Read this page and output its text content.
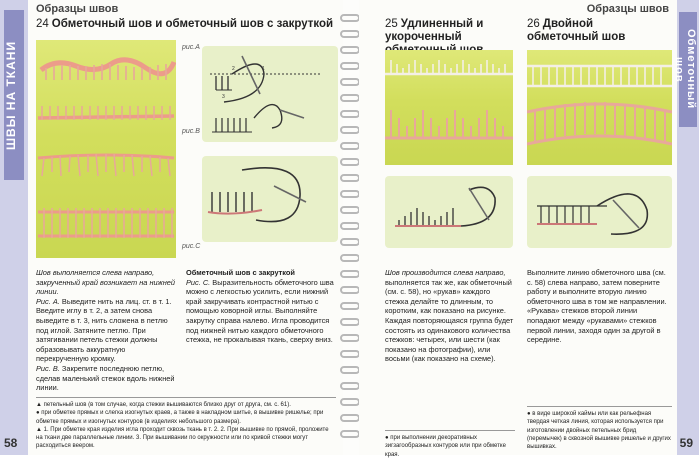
ШВЫ НА ТКАНИ
Образцы швов
24 Обметочный шов и обметочный шов с закруткой
рис.А
1
2
3
рис.В
рис.С
Шов выполняется слева направо, закрученный край возникает на нижней линии.
Рис. А. Выведите нить на лиц. ст. в т. 1. Введите иглу в т. 2, а затем снова выведите в т. 3, нить сложена в петлю под иглой. Затяните петлю. При затягивании петель стежки должны образовывать аккуратную перекрученную кромку.
Рис. В. Закрепите последнюю петлю, сделав маленький стежок вдоль нижней линии.
Обметочный шов с закруткой
Рис. С. Выразительность обметочного шва можно с легкостью усилить, если нижний край закручивать контрастной нитью с помощью коворной иглы. Выполняйте закрутку справа налево. Игла проводится под нижней нитью каждого обметочного стежка, не прокалывая ткань, сверху вниз.
▲ петельный шов (в том случае, когда стежки вышиваются близко друг от друга, см. с. 61).
● при обметке прямых и слегка изогнутых краев, а также в накладном шитье, в вышивке ришелье; при обметке прямых и изогнутых контуров (в изделиях небольшого размера).
▲ 1. При обметке края изделия игла проходит сквозь ткань в т. 2. 2. При вышивке по прямой, проложите на ткани две параллельные линии. 3. При вышивании по окружности или по кривой стежки могут расходиться веером.
58
Образцы швов
Обметочный шов
25 Удлиненный и укороченный
26 Двойной обметочный шов
Шов производится слева направо, выполняется так же, как обметочный (см. с. 58), но «рукав» каждого стежка делайте то длинным, то коротким, как показано на рисунке. Каждая повторяющаяся группа будет состоять из одинакового количества стежков: четырех, или шести (как показано на фотографии), или восьми (как показано на схеме).
Выполните линию обметочного шва (см. с. 58) слева направо, затем поверните работу и выполните вторую линию обметочного шва в том же направлении.
«Рукава» стежков второй линии попадают между «рукавами» стежков первой линии, заходя один за другой в середине.
● при выполнении декоративных зигзагообразных контуров или при обметке края.
● в виде широкой каймы или как рельефная твердая четкая линия, которая используется при изготовлении двойных петельных брид (перемычек) в сквозной вышивке ришелье и других вышивках.	59
